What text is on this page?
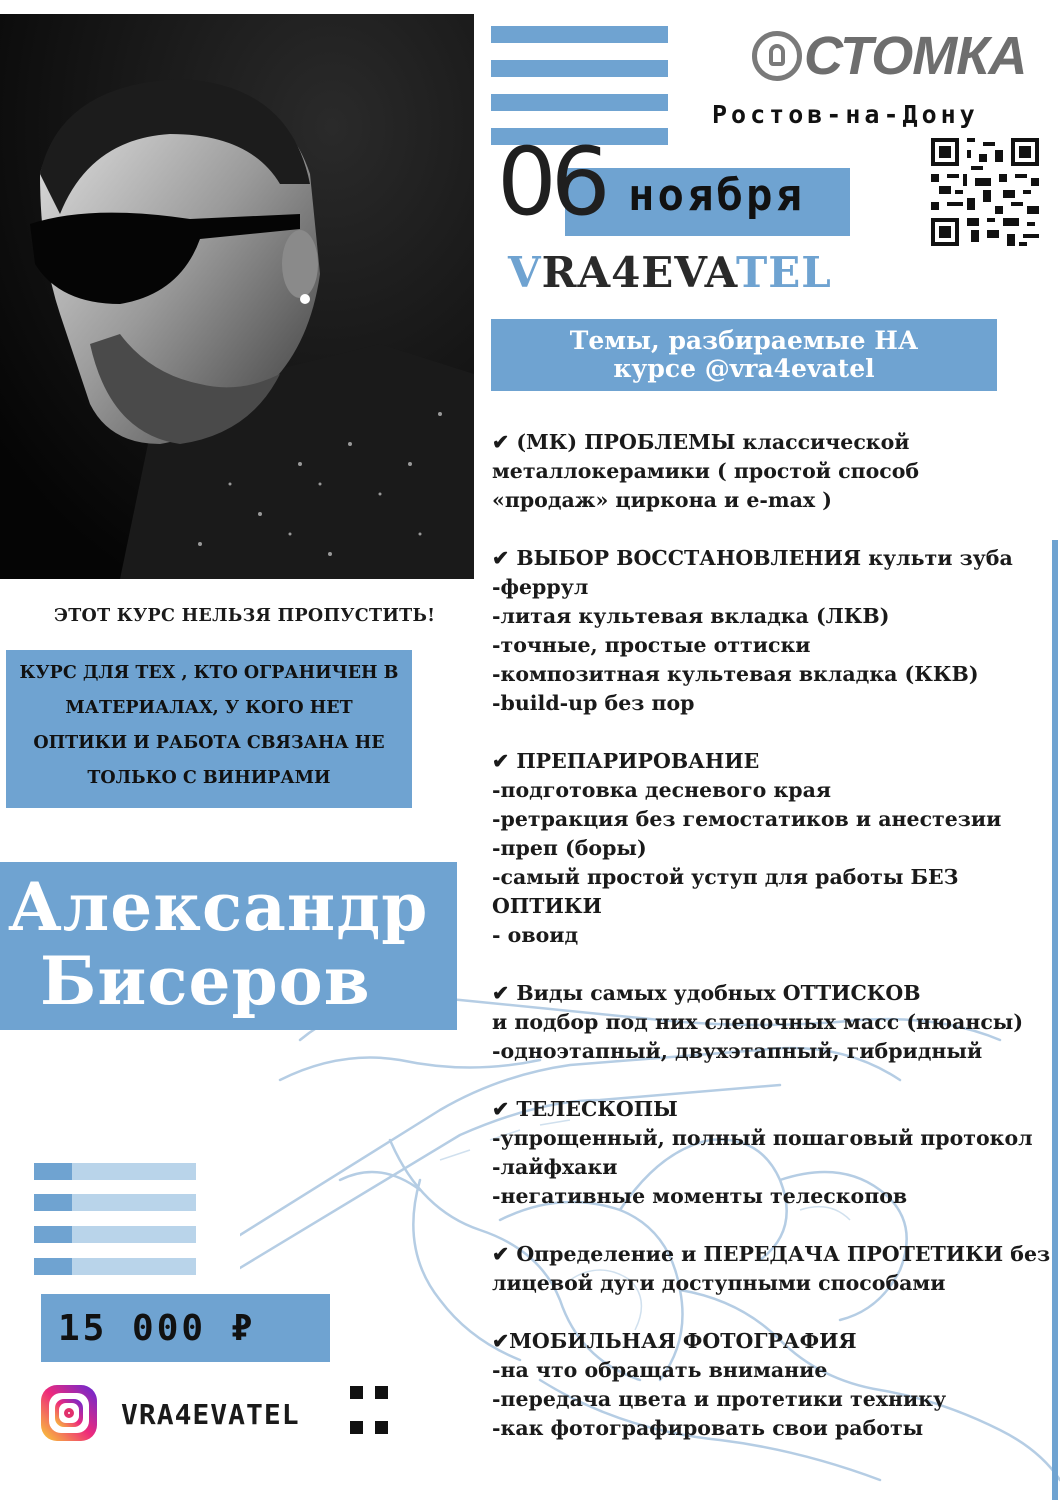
СТОМКА
Ростов-на-Дону
06 ноября
VRA4EVATEL
Темы, разбираемые НА
курсе @vra4evatel
✔ (МК) ПРОБЛЕМЫ классической
металлокерамики ( простой способ
«продаж» циркона и e-max )
✔ ВЫБОР ВОССТАНОВЛЕНИЯ культи зуба
-феррул
-литая культевая вкладка (ЛКВ)
-точные, простые оттиски
-композитная культевая вкладка (ККВ)
-build-up без пор
✔ ПРЕПАРИРОВАНИЕ
-подготовка десневого края
-ретракция без гемостатиков и анестезии
-преп (боры)
-самый простой уступ для работы БЕЗ
ОПТИКИ
- овоид
✔ Виды самых удобных ОТТИСКОВ
и подбор под них слепочных масс (нюансы)
-одноэтапный, двухэтапный, гибридный
✔ ТЕЛЕСКОПЫ
-упрощенный, полный пошаговый протокол
-лайфхаки
-негативные моменты телескопов
✔ Определение и ПЕРЕДАЧА ПРОТЕТИКИ без
лицевой дуги доступными способами
✔МОБИЛЬНАЯ ФОТОГРАФИЯ
-на что обращать внимание
-передача цвета и протетики технику
-как фотографировать свои работы
ЭТОТ КУРС НЕЛЬЗЯ ПРОПУСТИТЬ!
КУРС ДЛЯ ТЕХ , КТО ОГРАНИЧЕН В
МАТЕРИАЛАХ, У КОГО НЕТ
ОПТИКИ И РАБОТА СВЯЗАНА НЕ
ТОЛЬКО С ВИНИРАМИ
Александр
Бисеров
15 000 ₽
VRA4EVATEL
